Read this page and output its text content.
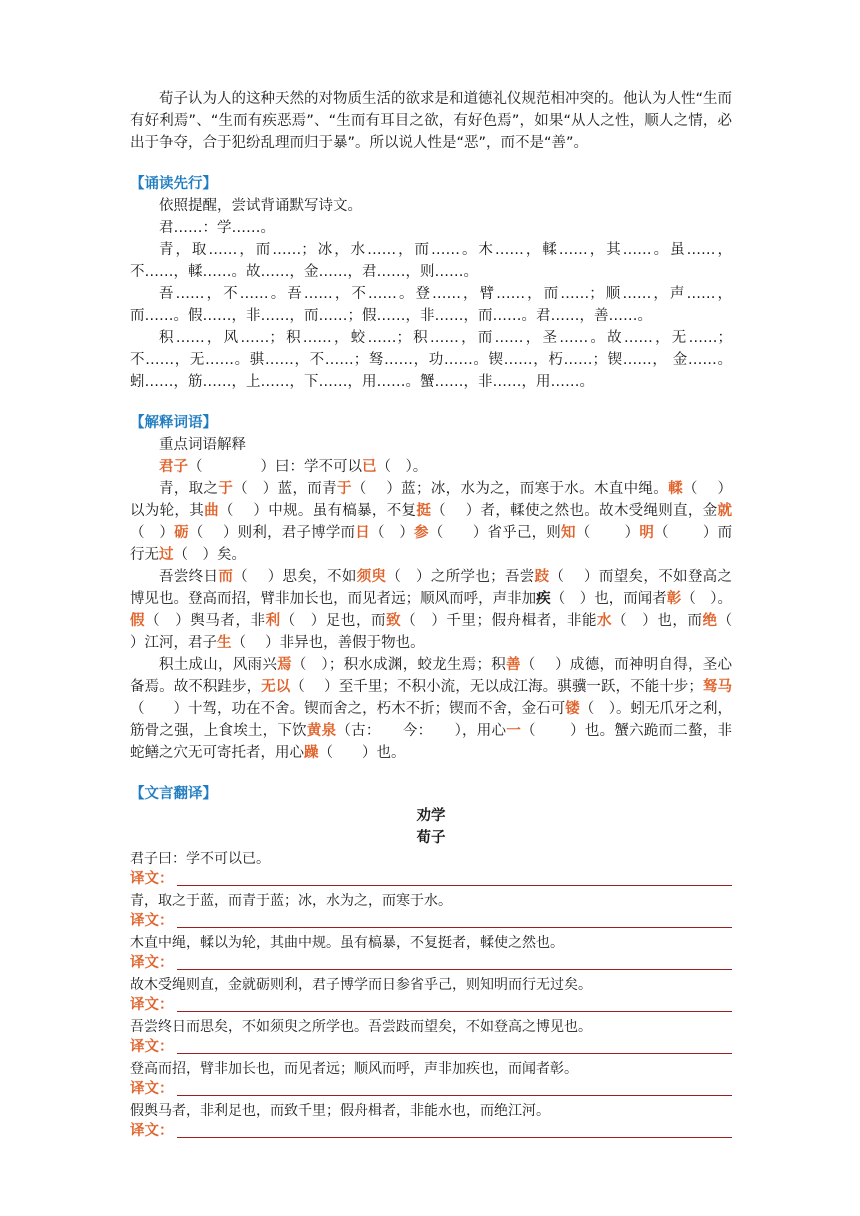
荀子认为人的这种天然的对物质生活的欲求是和道德礼仪规范相冲突的。他认为人性“生而有好利焉”、“生而有疾恶焉”、“生而有耳目之欲，有好色焉”，如果“从人之性，顺人之情，必出于争夺，合于犯纷乱理而归于暴”。所以说人性是“恶”，而不是“善”。

【诵读先行】

依照提醒，尝试背诵默写诗文。

君……：学……。

青，取……，而……；冰，水……，而……。木……，輮……，其……。虽……，不……，輮……。故……，金……，君……，则……。

吾……，不……。吾……，不……。登……，臂……，而……；顺……，声……，而……。假……，非……，而……；假……，非……，而……。君……，善……。

积……，风……；积……，蛟……；积……，而……，圣……。故……，无……；不……，无……。骐……，不……；驽……，功……。锲……，朽……；锲……， 金……。蚓……，筋……，上……，下……，用……。蟹……，非……，用……。

【解释词语】

重点词语解释

君子（　　　　）曰：学不可以已（　）。

青，取之于（　）蓝，而青于（　 ）蓝；冰，水为之，而寒于水。木直中绳。輮（　 ）以为轮，其曲（　 ）中规。虽有槁暴，不复挺（　 ）者，輮使之然也。故木受绳则直，金就（　）砺（　 ）则利，君子博学而日（　）参（　　）省乎己，则知（　　 ）明（　　 ）而行无过（　）矣。

吾尝终日而（　 ）思矣，不如须臾（　）之所学也；吾尝跂（　 ）而望矣，不如登高之博见也。登高而招，臂非加长也，而见者远；顺风而呼，声非加疾（　）也，而闻者彰（　）。假（　）舆马者，非利（　）足也，而致（　）千里；假舟楫者，非能水（　）也，而绝（　 ）江河，君子生（　 ）非异也，善假于物也。

积土成山，风雨兴焉（　）；积水成渊，蛟龙生焉；积善（　 ）成德，而神明自得，圣心备焉。故不积跬步，无以（　 ）至千里；不积小流，无以成江海。骐骥一跃，不能十步；驽马（　　）十驾，功在不舍。锲而舍之，朽木不折；锲而不舍，金石可镂（　）。蚓无爪牙之利，筋骨之强，上食埃土，下饮黄泉（古：　　今：　　），用心一（　　 ）也。蟹六跪而二螯，非蛇鳝之穴无可寄托者，用心躁（　　）也。

【文言翻译】

劝学

荀子

君子曰：学不可以已。

译文：

青，取之于蓝，而青于蓝；冰，水为之，而寒于水。

译文：

木直中绳，輮以为轮，其曲中规。虽有槁暴，不复挺者，輮使之然也。

译文：

故木受绳则直，金就砺则利，君子博学而日参省乎己，则知明而行无过矣。

译文：

吾尝终日而思矣，不如须臾之所学也。吾尝跂而望矣，不如登高之博见也。

译文：

登高而招，臂非加长也，而见者远；顺风而呼，声非加疾也，而闻者彰。

译文：

假舆马者，非利足也，而致千里；假舟楫者，非能水也，而绝江河。

译文：
